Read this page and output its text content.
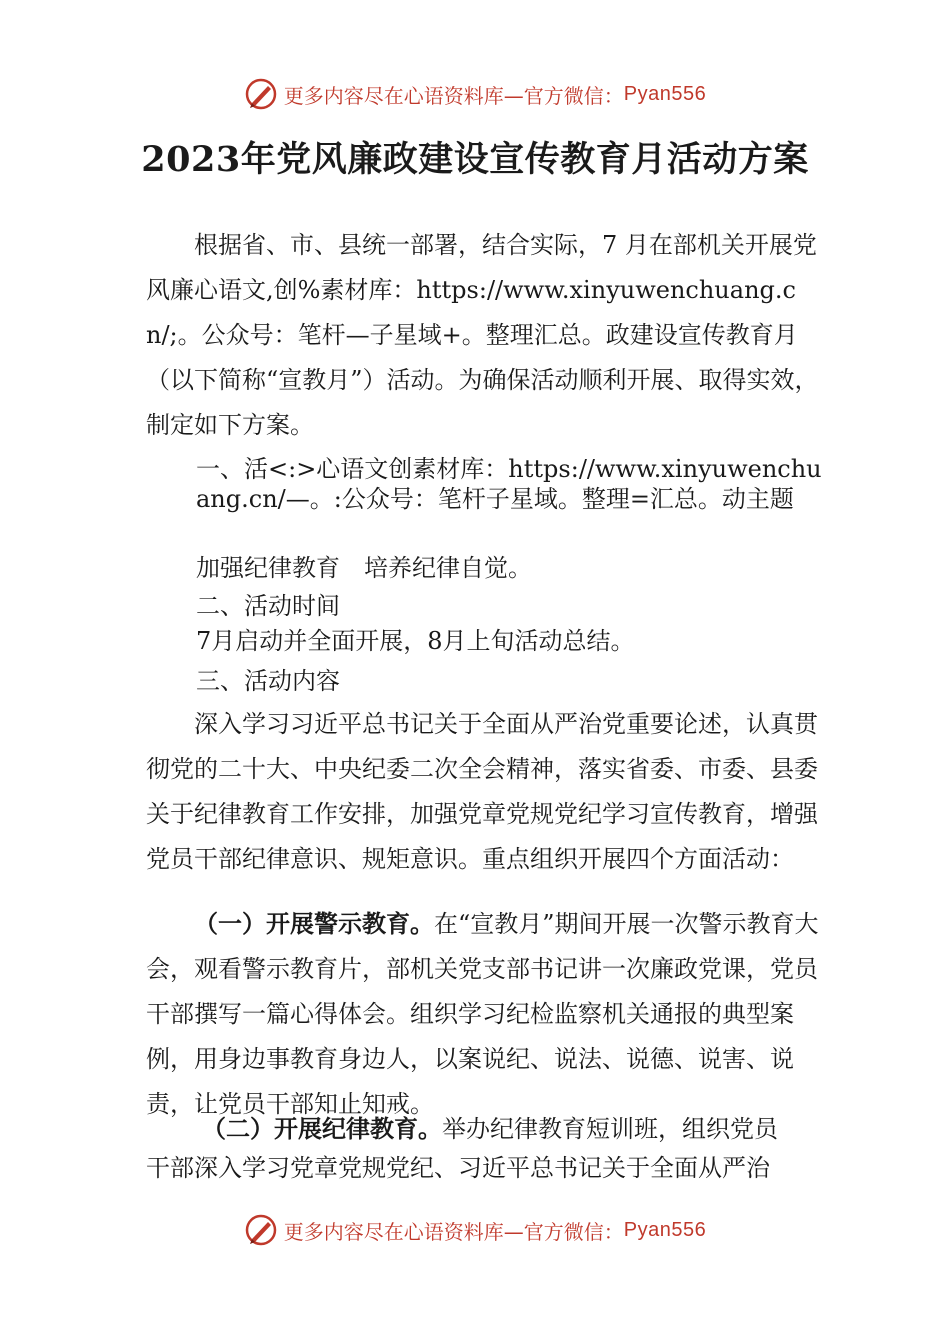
更多内容尽在心语资料库—官方微信： Pyan556
2023年党风廉政建设宣传教育月活动方案

根据省、市、县统一部署，结合实际，7 月在部机关开展党风廉心语文,创%素材库：https://www.xinyuwenchuang.cn/;。公众号：笔杆—子星域+。整理汇总。政建设宣传教育月（以下简称“宣教月”）活动。为确保活动顺利开展、取得实效，制定如下方案。

一、活<:>心语文创素材库：https://www.xinyuwenchuang.cn/—。:公众号：笔杆子星域。整理=汇总。动主题

加强纪律教育　培养纪律自觉。

二、活动时间

7月启动并全面开展，8月上旬活动总结。

三、活动内容

深入学习习近平总书记关于全面从严治党重要论述，认真贯彻党的二十大、中央纪委二次全会精神，落实省委、市委、县委关于纪律教育工作安排，加强党章党规党纪学习宣传教育，增强党员干部纪律意识、规矩意识。重点组织开展四个方面活动：

（一）开展警示教育。在“宣教月”期间开展一次警示教育大会，观看警示教育片，部机关党支部书记讲一次廉政党课，党员干部撰写一篇心得体会。组织学习纪检监察机关通报的典型案例，用身边事教育身边人，以案说纪、说法、说德、说害、说责，让党员干部知止知戒。

（二）开展纪律教育。举办纪律教育短训班，组织党员

干部深入学习党章党规党纪、习近平总书记关于全面从严治

更多内容尽在心语资料库—官方微信： Pyan556
